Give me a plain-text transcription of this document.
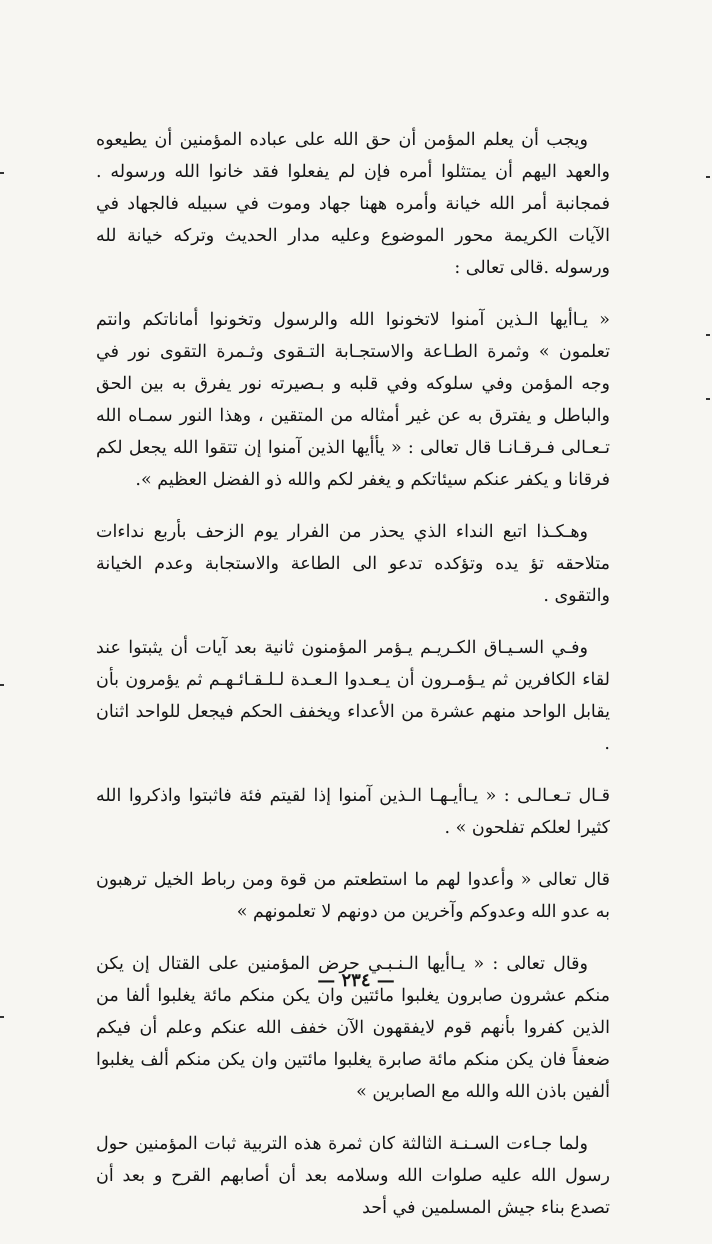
ويجب أن يعلم المؤمن أن حق الله على عباده المؤمنين أن يطيعوه والعهد اليهم أن يمتثلوا أمره فإن لم يفعلوا فقد خانوا الله ورسوله . فمجانبة أمر الله خيانة وأمره ههنا جهاد وموت في سبيله فالجهاد في الآيات الكريمة محور الموضوع وعليه مدار الحديث وتركه خيانة لله ورسوله .قالى تعالى :

« يـاأيها الـذين آمنوا لاتخونوا الله والرسول وتخونوا أماناتكم وانتم تعلمون » وثمرة الطـاعة والاستجـابة التـقوى وثـمرة التقوى نور في وجه المؤمن وفي سلوكه وفي قلبه و بـصيرته نور يفرق به بين الحق والباطل و يفترق به عن غير أمثاله من المتقين ، وهذا النور سمـاه الله تـعـالى فـرقـانـا قال تعالى : « يأأيها الذين آمنوا إن تتقوا الله يجعل لكم فرقانا و يكفر عنكم سيئاتكم و يغفر لكم والله ذو الفضل العظيم ».

وهـكـذا اتبع النداء الذي يحذر من الفرار يوم الزحف بأربع نداءات متلاحقه تؤ يده وتؤكده تدعو الى الطاعة والاستجابة وعدم الخيانة والتقوى .

وفـي السـيـاق الكـريـم يـؤمر المؤمنون ثانية بعد آيات أن يثبتوا عند لقاء الكافرين ثم يـؤمـرون أن يـعـدوا الـعـدة لـلـقـائـهـم ثم يؤمرون بأن يقابل الواحد منهم عشرة من الأعداء ويخفف الحكم فيجعل للواحد اثنان .

قـال تـعـالـى : « يـاأيـهـا الـذين آمنوا إذا لقيتم فئة فاثبتوا واذكروا الله كثيرا لعلكم تفلحون » .

قال تعالى « وأعدوا لهم ما استطعتم من قوة ومن رباط الخيل ترهبون به عدو الله وعدوكم وآخرين من دونهم لا تعلمونهم »

وقال تعالى : « يـاأيها الـنـبـي حرض المؤمنين على القتال إن يكن منكم عشرون صابرون يغلبوا مائتين وان يكن منكم مائة يغلبوا ألفا من الذين كفروا بأنهم قوم لايفقهون الآن خفف الله عنكم وعلم أن فيكم ضعفاً فان يكن منكم مائة صابرة يغلبوا مائتين وان يكن منكم ألف يغلبوا ألفين باذن الله والله مع الصابرين »

ولما جـاءت السـنـة الثالثة كان ثمرة هذه التربية ثبات المؤمنين حول رسول الله عليه صلوات الله وسلامه بعد أن أصابهم القرح و بعد أن تصدع بناء جيش المسلمين في أحد

— ٢٣٤ —
